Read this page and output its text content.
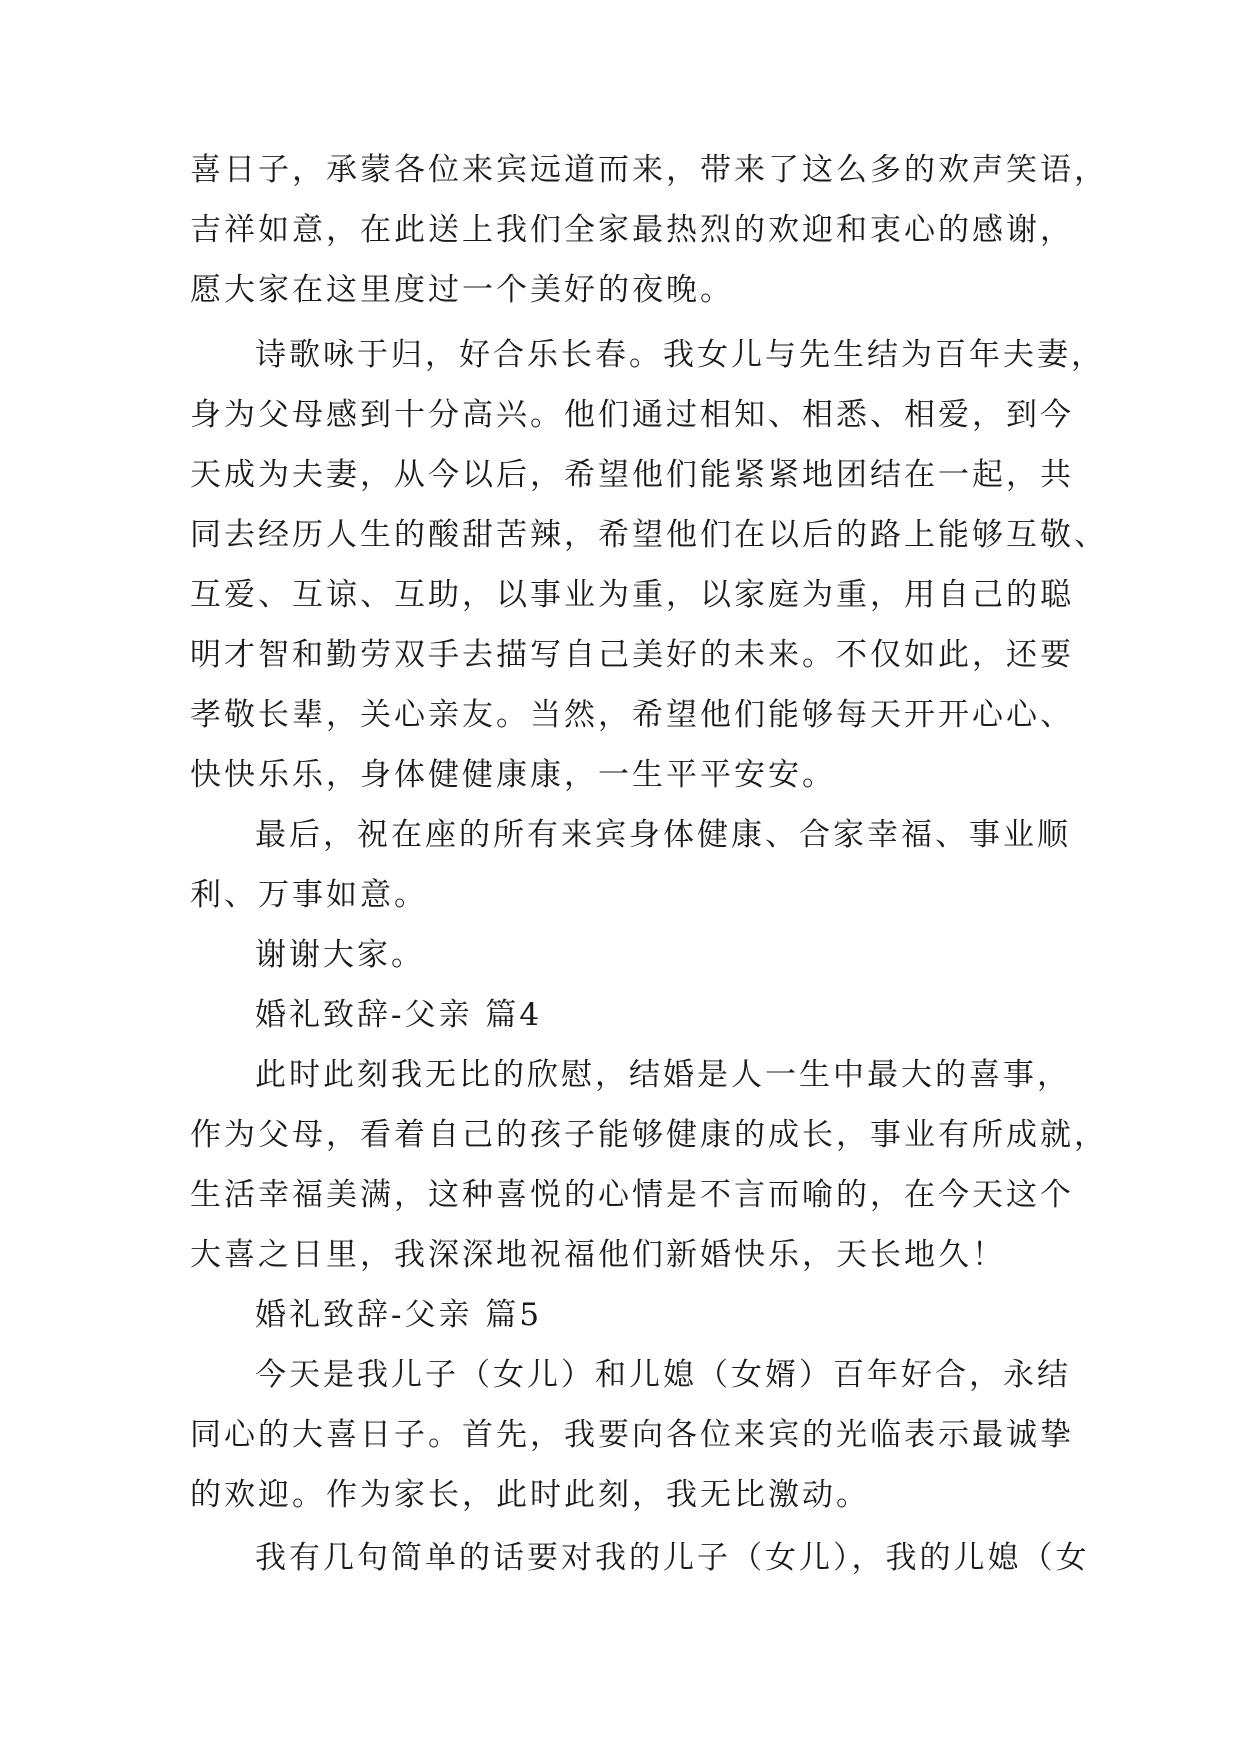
喜日子，承蒙各位来宾远道而来，带来了这么多的欢声笑语，
吉祥如意，在此送上我们全家最热烈的欢迎和衷心的感谢，
愿大家在这里度过一个美好的夜晚。
诗歌咏于归，好合乐长春。我女儿与先生结为百年夫妻，
身为父母感到十分高兴。他们通过相知、相悉、相爱，到今
天成为夫妻，从今以后，希望他们能紧紧地团结在一起，共
同去经历人生的酸甜苦辣，希望他们在以后的路上能够互敬、
互爱、互谅、互助，以事业为重，以家庭为重，用自己的聪
明才智和勤劳双手去描写自己美好的未来。不仅如此，还要
孝敬长辈，关心亲友。当然，希望他们能够每天开开心心、
快快乐乐，身体健健康康，一生平平安安。
最后，祝在座的所有来宾身体健康、合家幸福、事业顺
利、万事如意。
谢谢大家。
婚礼致辞-父亲 篇4
此时此刻我无比的欣慰，结婚是人一生中最大的喜事，
作为父母，看着自己的孩子能够健康的成长，事业有所成就，
生活幸福美满，这种喜悦的心情是不言而喻的，在今天这个
大喜之日里，我深深地祝福他们新婚快乐，天长地久！
婚礼致辞-父亲 篇5
今天是我儿子（女儿）和儿媳（女婿）百年好合，永结
同心的大喜日子。首先，我要向各位来宾的光临表示最诚挚
的欢迎。作为家长，此时此刻，我无比激动。
我有几句简单的话要对我的儿子（女儿），我的儿媳（女
